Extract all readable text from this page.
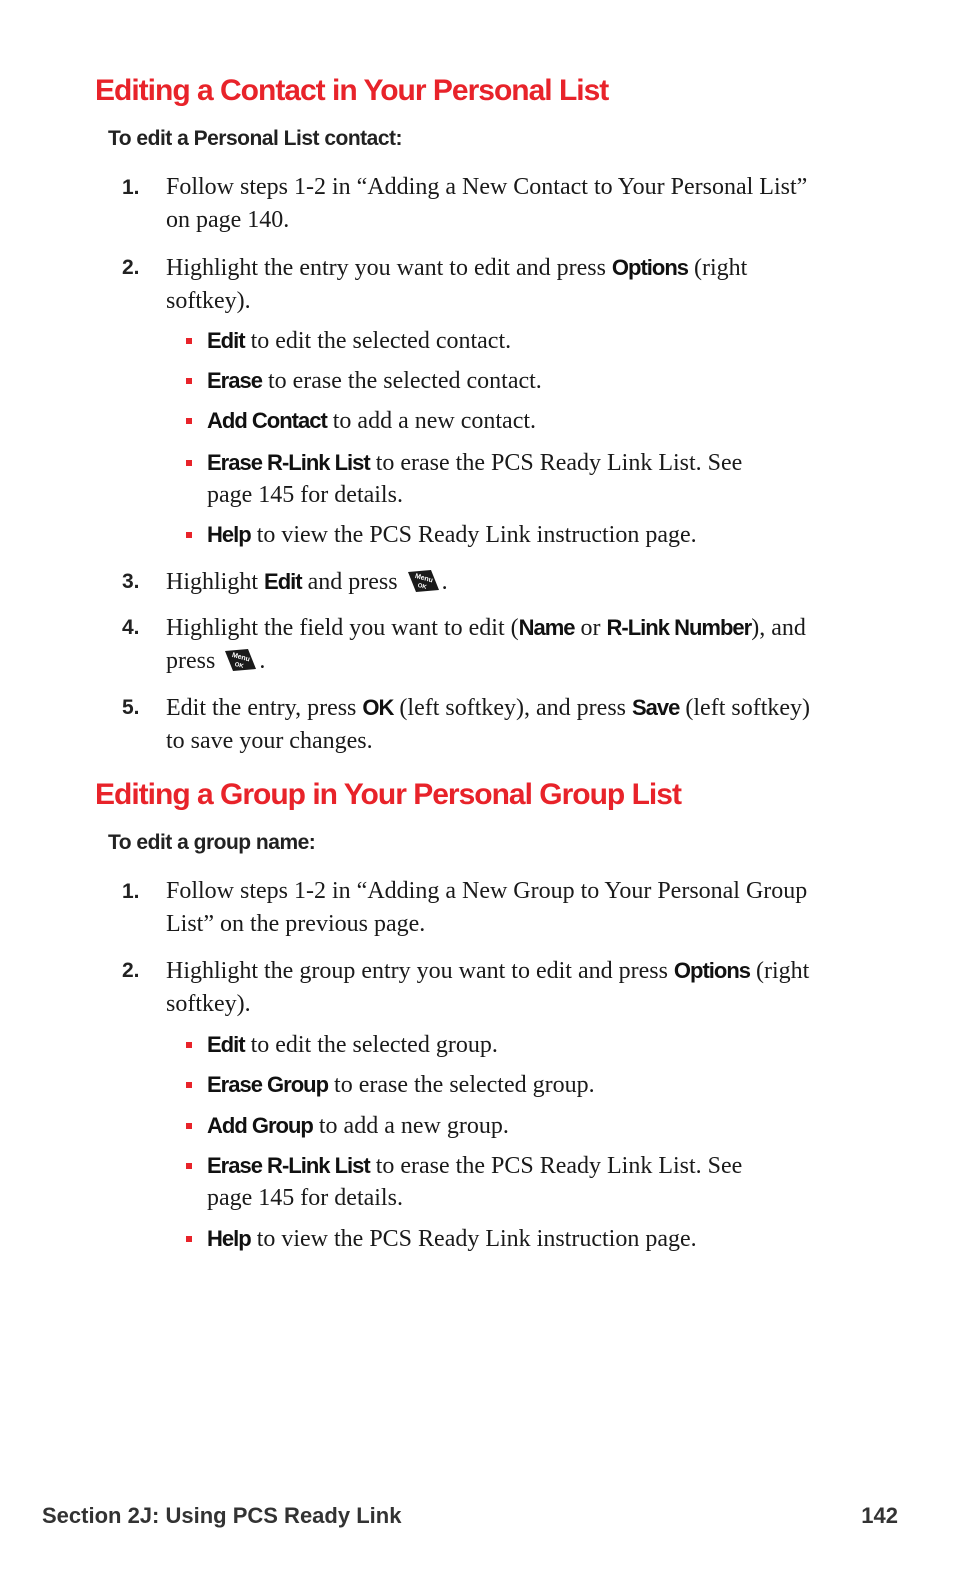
Editing a Contact in Your Personal List

To edit a Personal List contact:

1. Follow steps 1-2 in “Adding a New Contact to Your Personal List” on page 140.
2. Highlight the entry you want to edit and press Options (right softkey).
Edit to edit the selected contact.
Erase to erase the selected contact.
Add Contact to add a new contact.
Erase R-Link List to erase the PCS Ready Link List. See page 145 for details.
Help to view the PCS Ready Link instruction page.
3. Highlight Edit and press Menu
OK .
4. Highlight the field you want to edit (Name or R-Link Number), and press Menu
OK .
5. Edit the entry, press OK (left softkey), and press Save (left softkey) to save your changes.
Editing a Group in Your Personal Group List

To edit a group name:

1. Follow steps 1-2 in “Adding a New Group to Your Personal Group List” on the previous page.
2. Highlight the group entry you want to edit and press Options (right softkey).
Edit to edit the selected group.
Erase Group to erase the selected group.
Add Group to add a new group.
Erase R-Link List to erase the PCS Ready Link List. See page 145 for details.
Help to view the PCS Ready Link instruction page.

Section 2J: Using PCS Ready Link	142
